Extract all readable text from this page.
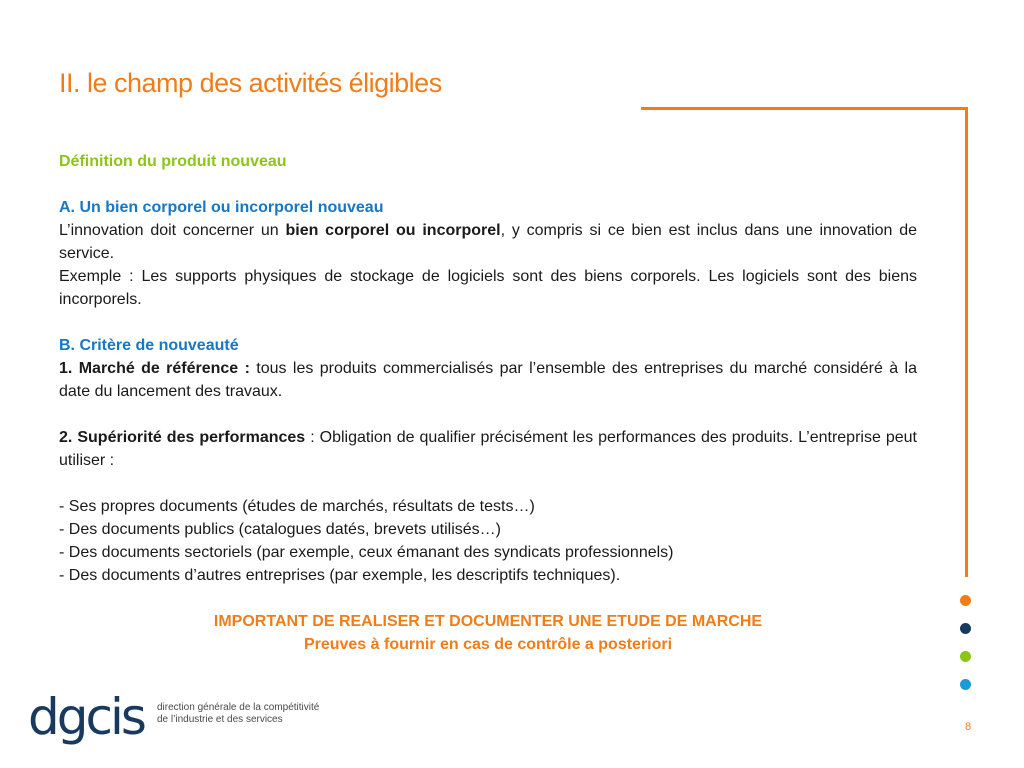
II. le champ des activités éligibles

Définition du produit nouveau

A. Un bien corporel ou incorporel nouveau

L’innovation doit concerner un bien corporel ou incorporel, y compris si ce bien est inclus dans une innovation de service.

Exemple : Les supports physiques de stockage de logiciels sont des biens corporels. Les logiciels sont des biens incorporels.

B. Critère de nouveauté

1. Marché de référence : tous les produits commercialisés par l’ensemble des entreprises du marché considéré à la date du lancement des travaux.

2. Supériorité des performances : Obligation de qualifier précisément les performances des produits. L’entreprise peut utiliser :

- Ses propres documents (études de marchés, résultats de tests…)

- Des documents publics (catalogues datés, brevets utilisés…)

- Des documents sectoriels (par exemple, ceux émanant des syndicats professionnels)

- Des documents d’autres entreprises (par exemple, les descriptifs techniques).

IMPORTANT DE REALISER ET DOCUMENTER UNE ETUDE DE MARCHE

Preuves à fournir en cas de contrôle a posteriori

dgcis direction générale de la compétitivité
de l’industrie et des services
8
